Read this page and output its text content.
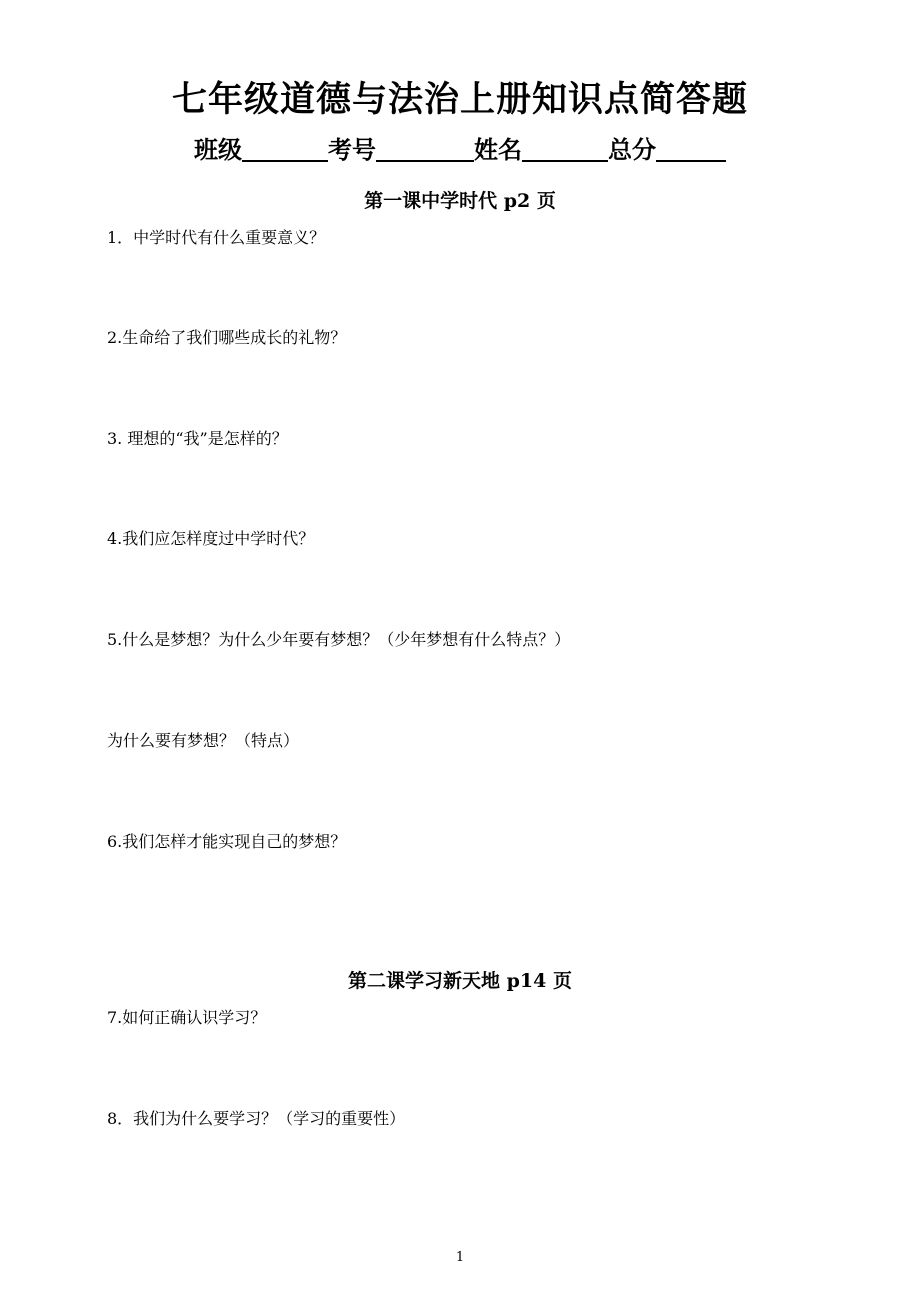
七年级道德与法治上册知识点简答题
班级	考号	姓名	总分
第一课中学时代 p2 页
1．中学时代有什么重要意义？
2.生命给了我们哪些成长的礼物？
3. 理想的“我”是怎样的？
4.我们应怎样度过中学时代？
5.什么是梦想？为什么少年要有梦想？（少年梦想有什么特点？）
为什么要有梦想？（特点）
6.我们怎样才能实现自己的梦想？
第二课学习新天地 p14 页
7.如何正确认识学习？
8．我们为什么要学习？（学习的重要性）
1
